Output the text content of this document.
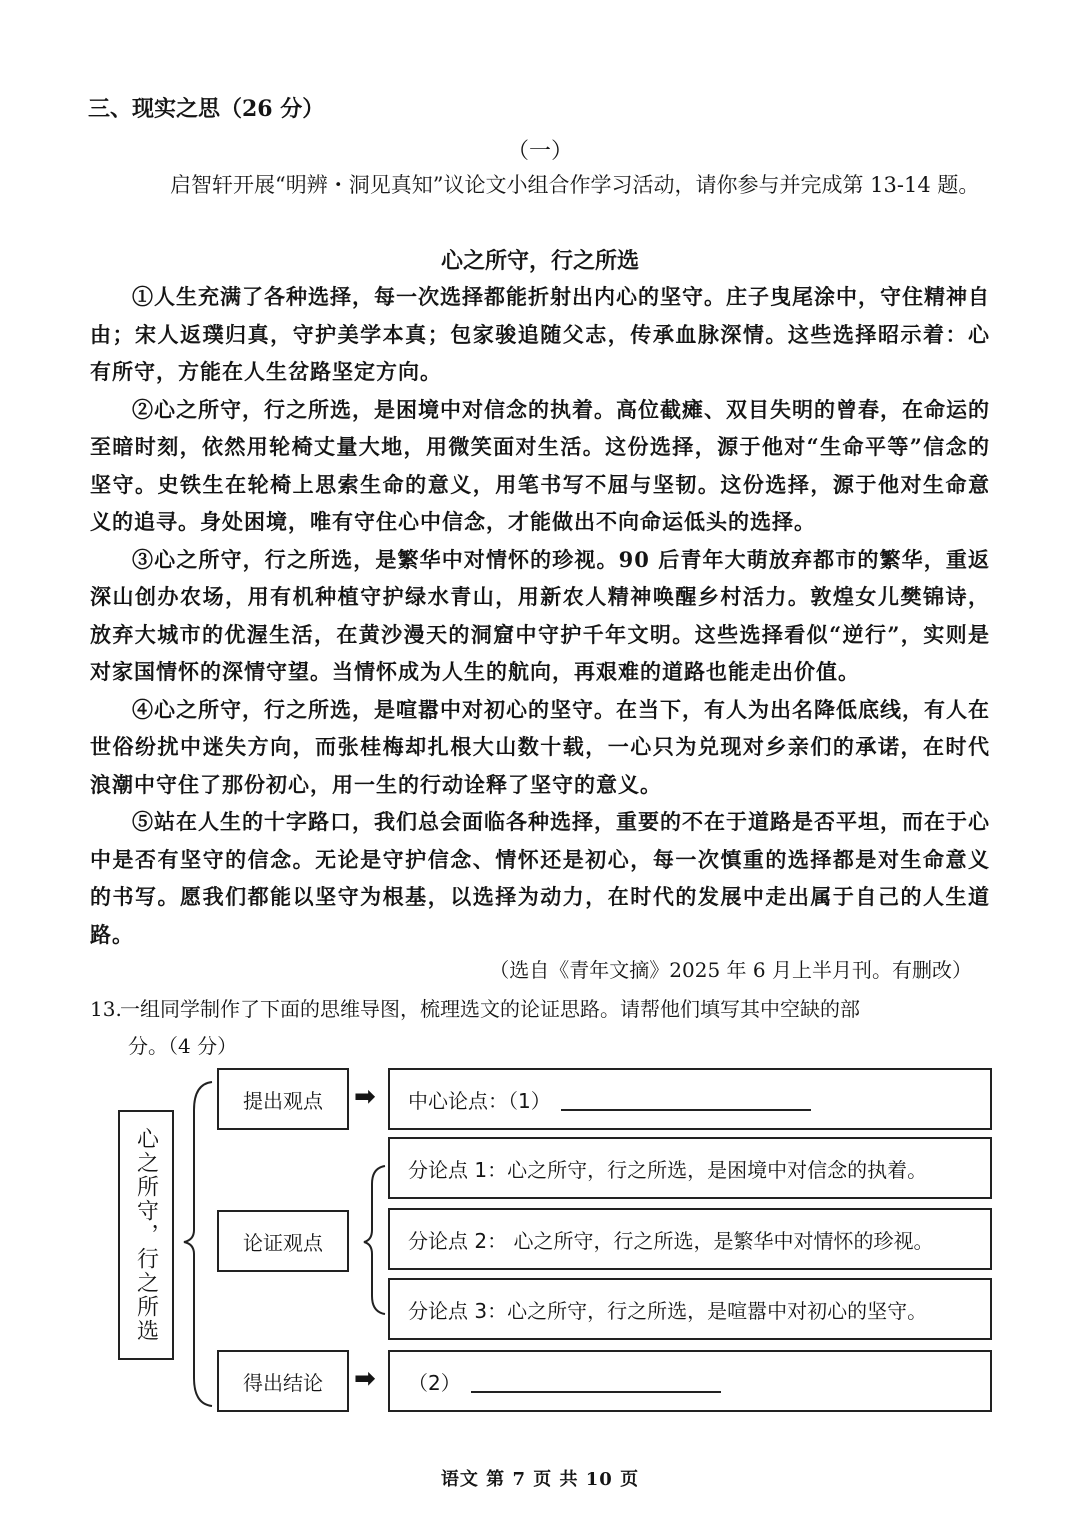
三、现实之思（26 分）
（一）
启智轩开展“明辨・洞见真知”议论文小组合作学习活动，请你参与并完成第 13-14 题。
心之所守，行之所选

①人生充满了各种选择，每一次选择都能折射出内心的坚守。庄子曳尾涂中，守住精神自由；宋人返璞归真，守护美学本真；包家骏追随父志，传承血脉深情。这些选择昭示着：心有所守，方能在人生岔路坚定方向。

②心之所守，行之所选，是困境中对信念的执着。高位截瘫、双目失明的曾春，在命运的至暗时刻，依然用轮椅丈量大地，用微笑面对生活。这份选择，源于他对“生命平等”信念的坚守。史铁生在轮椅上思索生命的意义，用笔书写不屈与坚韧。这份选择，源于他对生命意义的追寻。身处困境，唯有守住心中信念，才能做出不向命运低头的选择。

③心之所守，行之所选，是繁华中对情怀的珍视。90 后青年大萌放弃都市的繁华，重返深山创办农场，用有机种植守护绿水青山，用新农人精神唤醒乡村活力。敦煌女儿樊锦诗，放弃大城市的优渥生活，在黄沙漫天的洞窟中守护千年文明。这些选择看似“逆行”，实则是对家国情怀的深情守望。当情怀成为人生的航向，再艰难的道路也能走出价值。

④心之所守，行之所选，是喧嚣中对初心的坚守。在当下，有人为出名降低底线，有人在世俗纷扰中迷失方向，而张桂梅却扎根大山数十载，一心只为兑现对乡亲们的承诺，在时代浪潮中守住了那份初心，用一生的行动诠释了坚守的意义。

⑤站在人生的十字路口，我们总会面临各种选择，重要的不在于道路是否平坦，而在于心中是否有坚守的信念。无论是守护信念、情怀还是初心，每一次慎重的选择都是对生命意义的书写。愿我们都能以坚守为根基，以选择为动力，在时代的发展中走出属于自己的人生道路。

（选自《青年文摘》2025 年 6 月上半月刊。有删改）
13.一组同学制作了下面的思维导图，梳理选文的论证思路。请帮他们填写其中空缺的部
分。（4 分）
心之所守，行之所选
提出观点
论证观点
得出结论
➡
➡
中心论点：（1）
分论点 1：心之所守，行之所选，是困境中对信念的执着。
分论点 2： 心之所守，行之所选，是繁华中对情怀的珍视。
分论点 3：心之所守，行之所选，是喧嚣中对初心的坚守。
（2）
语文 第 7 页 共 10 页
